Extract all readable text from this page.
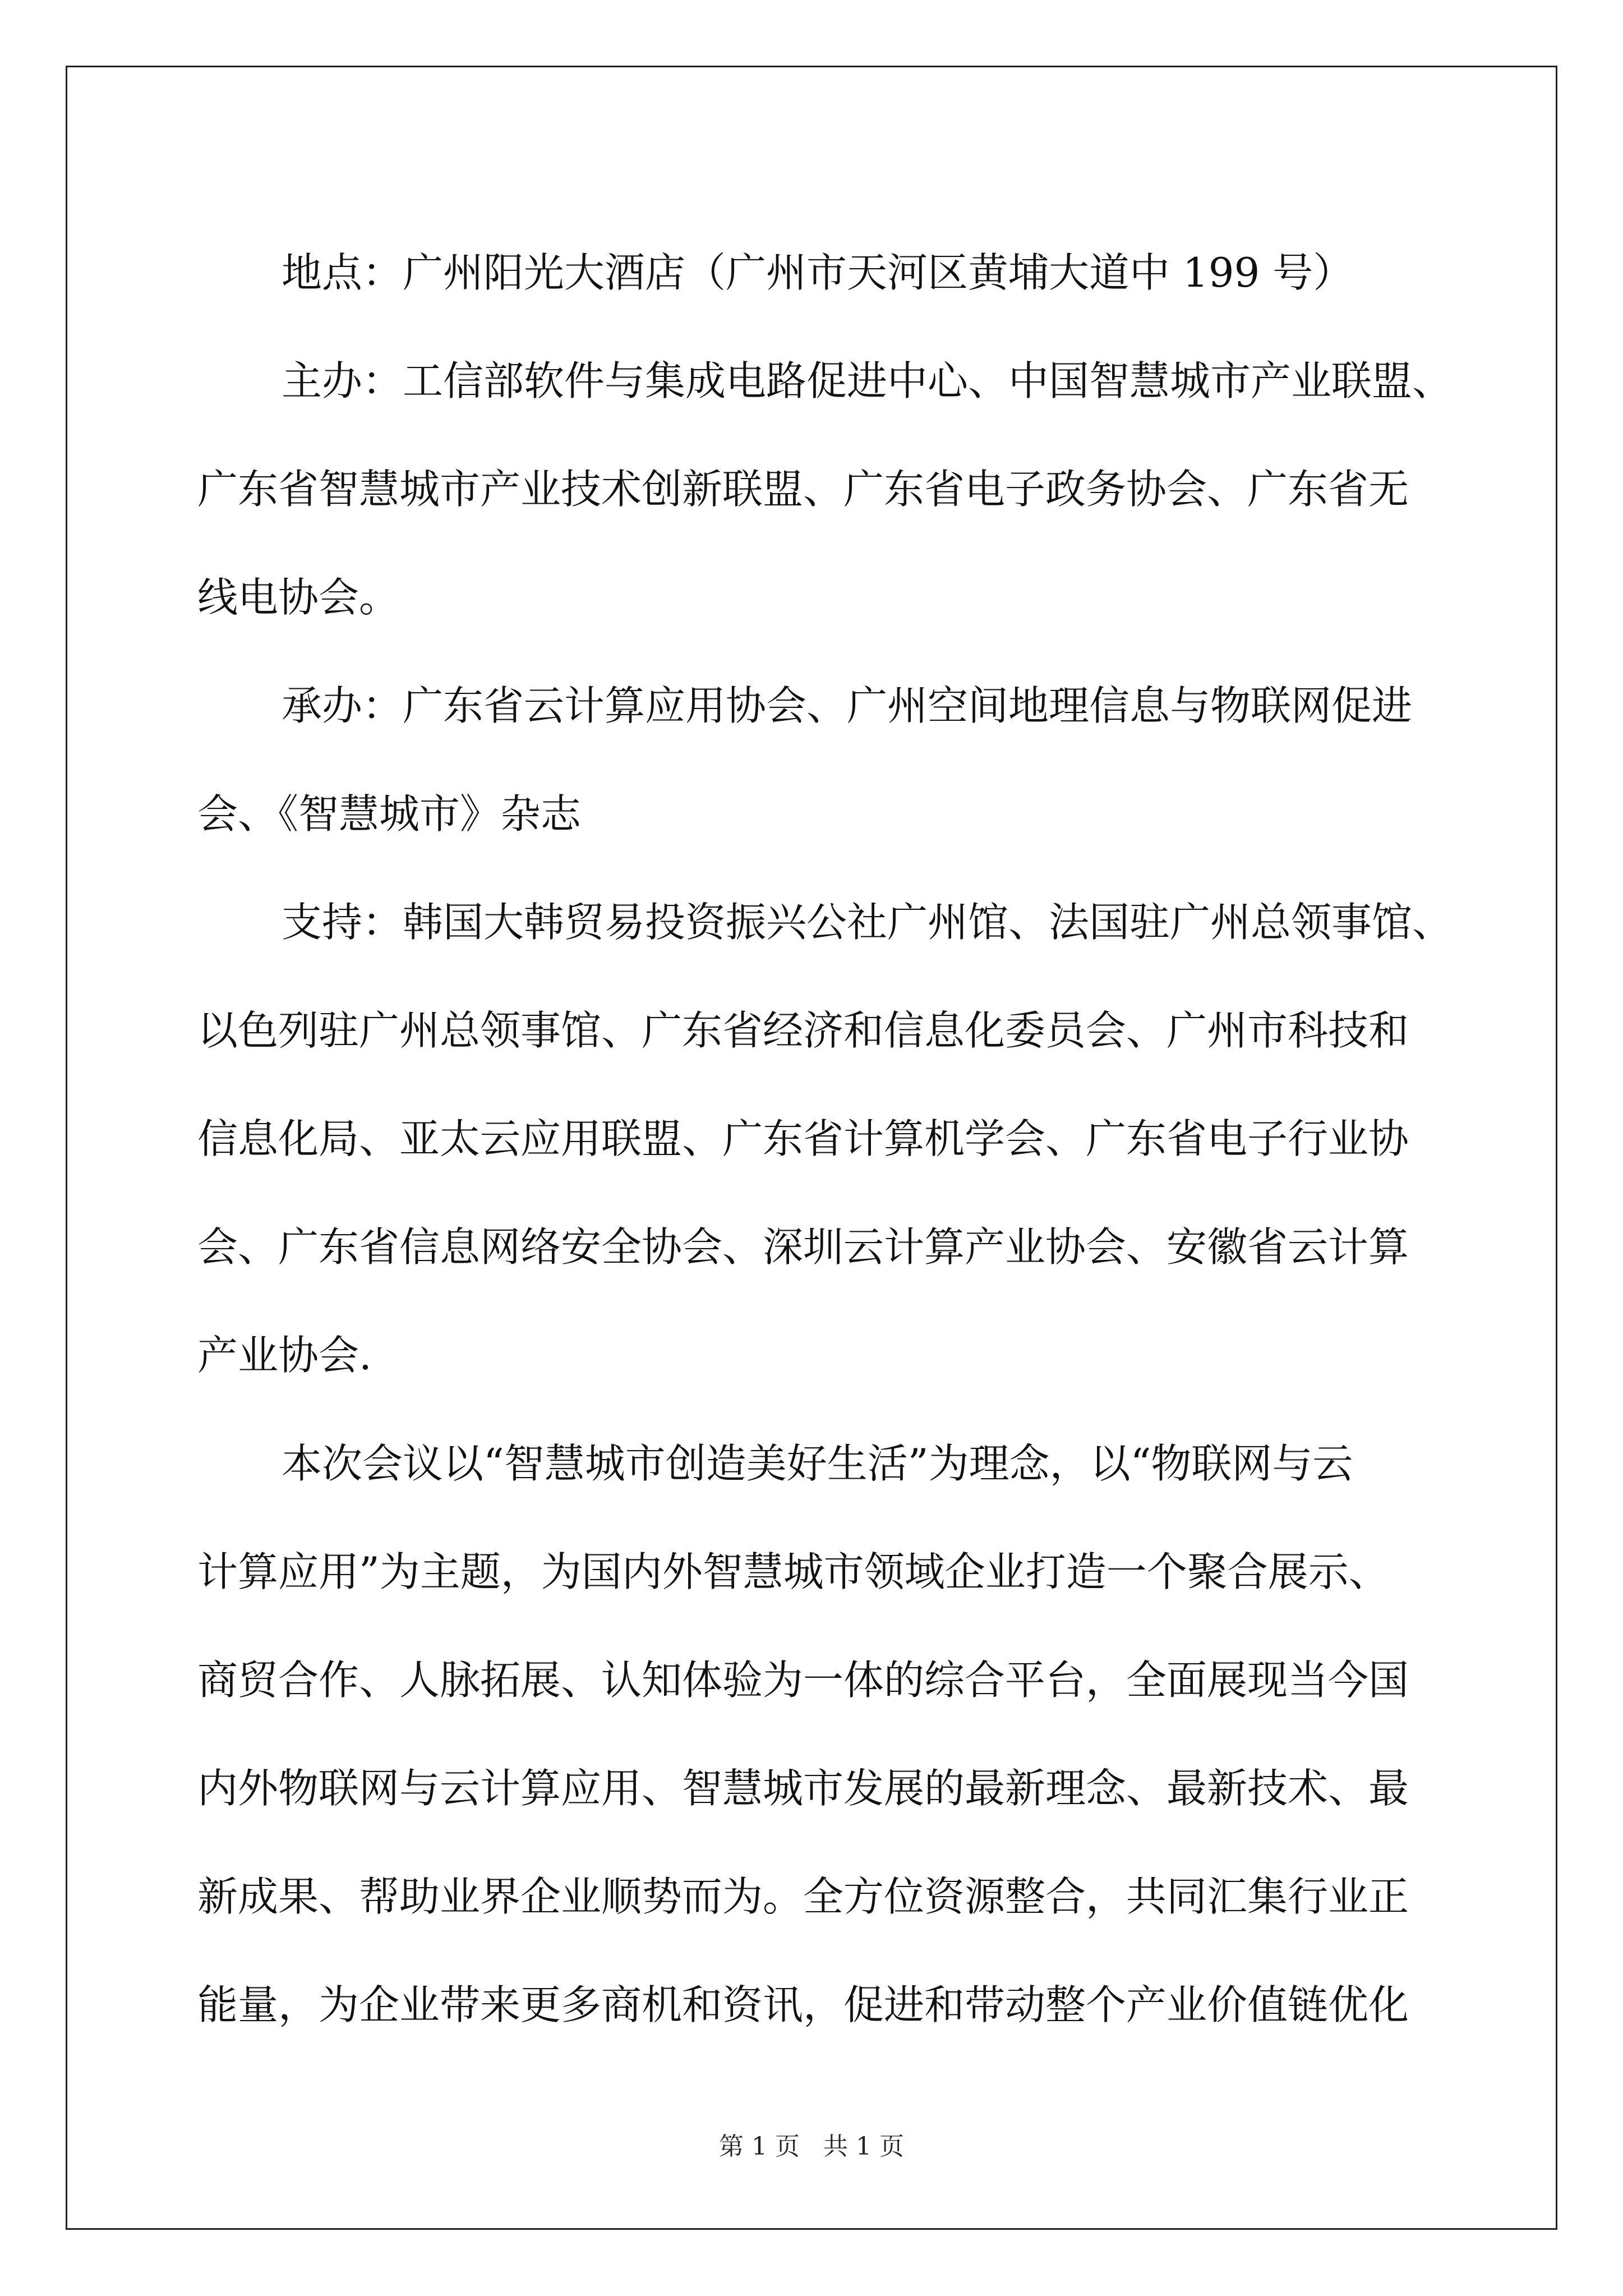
地点：广州阳光大酒店（广州市天河区黄埔大道中 199 号）

主办：工信部软件与集成电路促进中心、中国智慧城市产业联盟、
广东省智慧城市产业技术创新联盟、广东省电子政务协会、广东省无
线电协会。

承办：广东省云计算应用协会、广州空间地理信息与物联网促进
会、《智慧城市》杂志

支持：韩国大韩贸易投资振兴公社广州馆、法国驻广州总领事馆、
以色列驻广州总领事馆、广东省经济和信息化委员会、广州市科技和
信息化局、亚太云应用联盟、广东省计算机学会、广东省电子行业协
会、广东省信息网络安全协会、深圳云计算产业协会、安徽省云计算
产业协会.

本次会议以“智慧城市创造美好生活”为理念，以“物联网与云
计算应用”为主题，为国内外智慧城市领域企业打造一个聚合展示、
商贸合作、人脉拓展、认知体验为一体的综合平台，全面展现当今国
内外物联网与云计算应用、智慧城市发展的最新理念、最新技术、最
新成果、帮助业界企业顺势而为。全方位资源整合，共同汇集行业正
能量，为企业带来更多商机和资讯，促进和带动整个产业价值链优化

第 1 页 共 1 页
